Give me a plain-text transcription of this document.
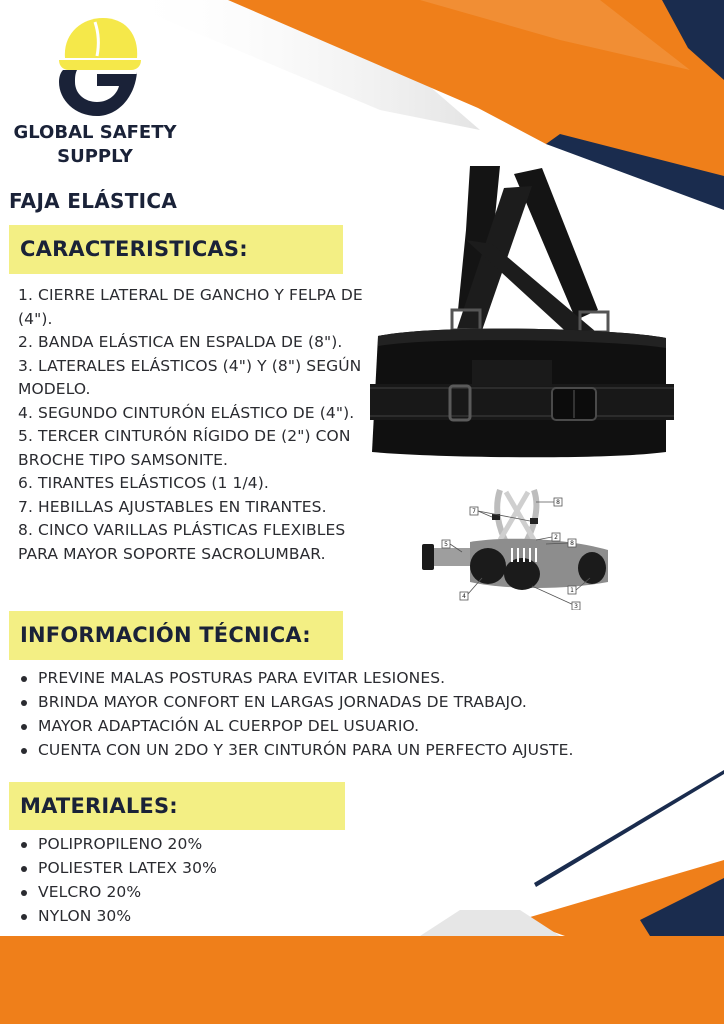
GLOBAL SAFETY
SUPPLY
FAJA ELÁSTICA
CARACTERISTICAS:
1. CIERRE LATERAL DE GANCHO Y FELPA DE (4").
2. BANDA ELÁSTICA EN ESPALDA DE (8").
3. LATERALES ELÁSTICOS (4") Y (8") SEGÚN MODELO.
4. SEGUNDO CINTURÓN ELÁSTICO DE (4").
5. TERCER CINTURÓN RÍGIDO DE (2") CON BROCHE TIPO SAMSONITE.
6. TIRANTES ELÁSTICOS (1 1/4).
7. HEBILLAS AJUSTABLES EN TIRANTES.
8. CINCO VARILLAS PLÁSTICAS FLEXIBLES PARA MAYOR SOPORTE SACROLUMBAR.
7
8
2
8
5
4
1
3
INFORMACIÓN TÉCNICA:
PREVINE MALAS POSTURAS PARA EVITAR LESIONES.
BRINDA MAYOR CONFORT EN LARGAS JORNADAS DE TRABAJO.
MAYOR ADAPTACIÓN AL CUERPOP DEL USUARIO.
CUENTA CON UN 2DO Y 3ER CINTURÓN PARA UN PERFECTO AJUSTE.
MATERIALES:
POLIPROPILENO 20%
POLIESTER LATEX 30%
VELCRO 20%
NYLON 30%
